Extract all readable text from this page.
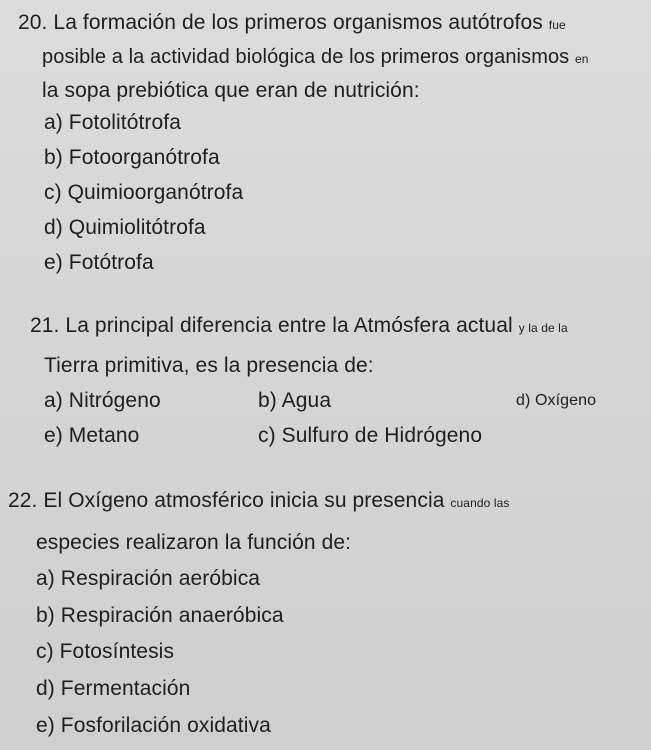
20. La formación de los primeros organismos autótrofos fue
posible a la actividad biológica de los primeros organismos en
la sopa prebiótica que eran de nutrición:
a) Fotolitótrofa
b) Fotoorganótrofa
c) Quimioorganótrofa
d) Quimiolitótrofa
e) Fotótrofa
21. La principal diferencia entre la Atmósfera actual y la de la
Tierra primitiva, es la presencia de:
a) Nitrógeno	b) Agua	d) Oxígeno
e) Metano	c) Sulfuro de Hidrógeno
22. El Oxígeno atmosférico inicia su presencia cuando las
especies realizaron la función de:
a) Respiración aeróbica
b) Respiración anaeróbica
c) Fotosíntesis
d) Fermentación
e) Fosforilación oxidativa
